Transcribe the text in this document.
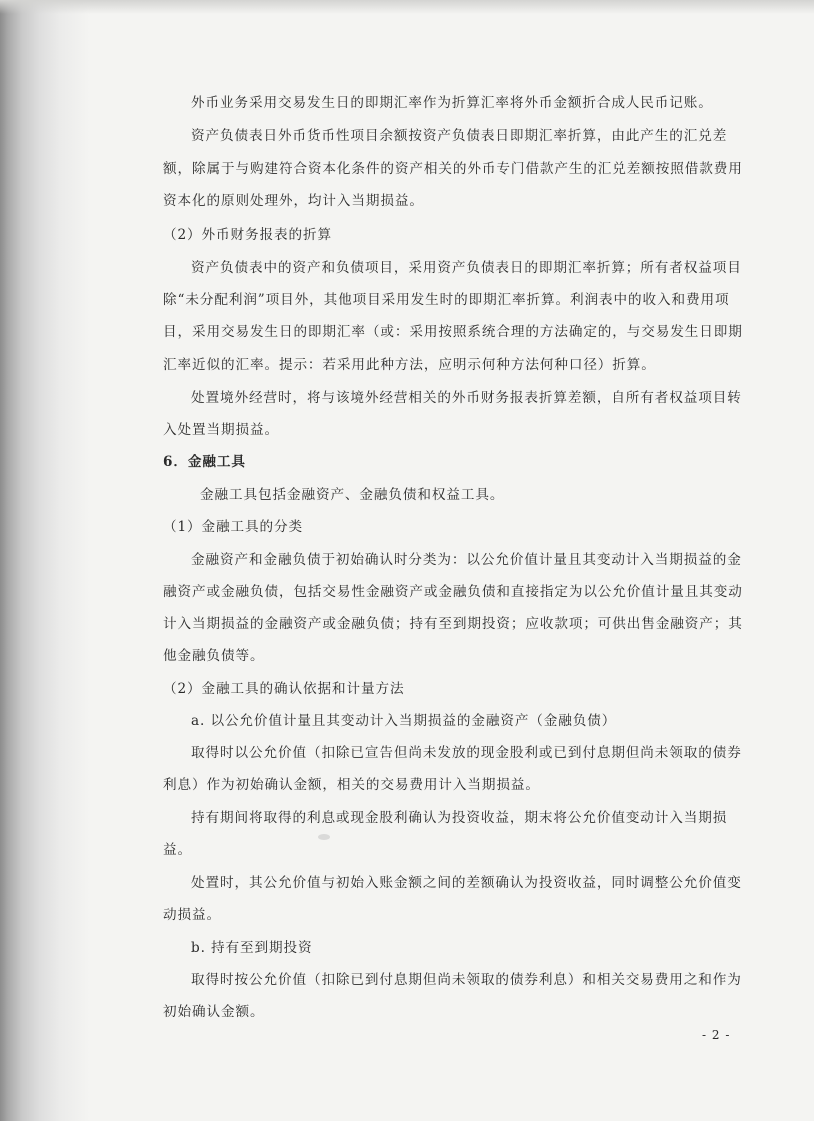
外币业务采用交易发生日的即期汇率作为折算汇率将外币金额折合成人民币记账。
资产负债表日外币货币性项目余额按资产负债表日即期汇率折算，由此产生的汇兑差
额，除属于与购建符合资本化条件的资产相关的外币专门借款产生的汇兑差额按照借款费用
资本化的原则处理外，均计入当期损益。
（2）外币财务报表的折算
资产负债表中的资产和负债项目，采用资产负债表日的即期汇率折算；所有者权益项目
除“未分配利润”项目外，其他项目采用发生时的即期汇率折算。利润表中的收入和费用项
目，采用交易发生日的即期汇率（或：采用按照系统合理的方法确定的，与交易发生日即期
汇率近似的汇率。提示：若采用此种方法，应明示何种方法何种口径）折算。
处置境外经营时，将与该境外经营相关的外币财务报表折算差额，自所有者权益项目转
入处置当期损益。
6．金融工具
金融工具包括金融资产、金融负债和权益工具。
（1）金融工具的分类
金融资产和金融负债于初始确认时分类为：以公允价值计量且其变动计入当期损益的金
融资产或金融负债，包括交易性金融资产或金融负债和直接指定为以公允价值计量且其变动
计入当期损益的金融资产或金融负债；持有至到期投资；应收款项；可供出售金融资产；其
他金融负债等。
（2）金融工具的确认依据和计量方法
a. 以公允价值计量且其变动计入当期损益的金融资产（金融负债）
取得时以公允价值（扣除已宣告但尚未发放的现金股利或已到付息期但尚未领取的债券
利息）作为初始确认金额，相关的交易费用计入当期损益。
持有期间将取得的利息或现金股利确认为投资收益，期末将公允价值变动计入当期损
益。
处置时，其公允价值与初始入账金额之间的差额确认为投资收益，同时调整公允价值变
动损益。
b. 持有至到期投资
取得时按公允价值（扣除已到付息期但尚未领取的债券利息）和相关交易费用之和作为
初始确认金额。
- 2 -
